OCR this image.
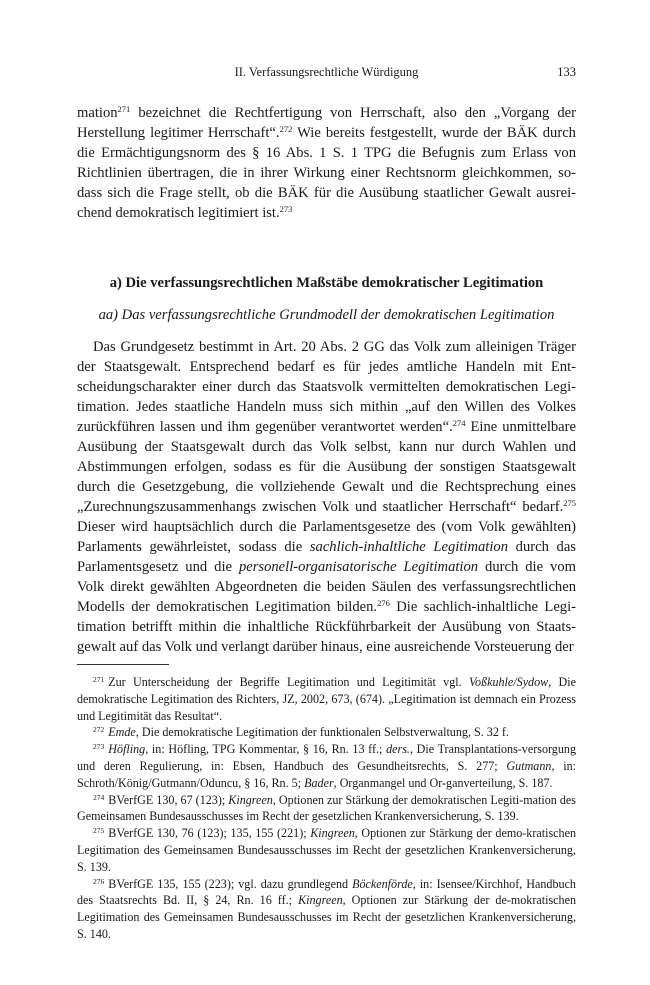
II. Verfassungsrechtliche Würdigung	133

mation$^{271}$ bezeichnet die Rechtfertigung von Herrschaft, also den „Vorgang der Herstellung legitimer Herrschaft“.$^{272}$ Wie bereits festgestellt, wurde der BÄK durch die Ermächtigungsnorm des § 16 Abs. 1 S. 1 TPG die Befugnis zum Erlass von Richtlinien übertragen, die in ihrer Wirkung einer Rechtsnorm gleichkommen, so-dass sich die Frage stellt, ob die BÄK für die Ausübung staatlicher Gewalt ausrei-chend demokratisch legitimiert ist.$^{273}$

a) Die verfassungsrechtlichen Maßstäbe demokratischer Legitimation
aa) Das verfassungsrechtliche Grundmodell der demokratischen Legitimation

Das Grundgesetz bestimmt in Art. 20 Abs. 2 GG das Volk zum alleinigen Träger der Staatsgewalt. Entsprechend bedarf es für jedes amtliche Handeln mit Ent-scheidungscharakter einer durch das Staatsvolk vermittelten demokratischen Legi-timation. Jedes staatliche Handeln muss sich mithin „auf den Willen des Volkes zurückführen lassen und ihm gegenüber verantwortet werden“.$^{274}$ Eine unmittelbare Ausübung der Staatsgewalt durch das Volk selbst, kann nur durch Wahlen und Abstimmungen erfolgen, sodass es für die Ausübung der sonstigen Staatsgewalt durch die Gesetzgebung, die vollziehende Gewalt und die Rechtsprechung eines „Zurechnungszusammenhangs zwischen Volk und staatlicher Herrschaft“ bedarf.$^{275}$ Dieser wird hauptsächlich durch die Parlamentsgesetze des (vom Volk gewählten) Parlaments gewährleistet, sodass die sachlich-inhaltliche Legitimation durch das Parlamentsgesetz und die personell-organisatorische Legitimation durch die vom Volk direkt gewählten Abgeordneten die beiden Säulen des verfassungsrechtlichen Modells der demokratischen Legitimation bilden.$^{276}$ Die sachlich-inhaltliche Legi-timation betrifft mithin die inhaltliche Rückführbarkeit der Ausübung von Staats-gewalt auf das Volk und verlangt darüber hinaus, eine ausreichende Vorsteuerung der

$^{271}$ Zur Unterscheidung der Begriffe Legitimation und Legitimität vgl. Voßkuhle/Sydow, Die demokratische Legitimation des Richters, JZ, 2002, 673, (674). „Legitimation ist demnach ein Prozess und Legitimität das Resultat“.

$^{272}$ Emde, Die demokratische Legitimation der funktionalen Selbstverwaltung, S. 32 f.

$^{273}$ Höfling, in: Höfling, TPG Kommentar, § 16, Rn. 13 ff.; ders., Die Transplantations-versorgung und deren Regulierung, in: Ebsen, Handbuch des Gesundheitsrechts, S. 277; Gutmann, in: Schroth/König/Gutmann/Oduncu, § 16, Rn. 5; Bader, Organmangel und Or-ganverteilung, S. 187.

$^{274}$ BVerfGE 130, 67 (123); Kingreen, Optionen zur Stärkung der demokratischen Legiti-mation des Gemeinsamen Bundesausschusses im Recht der gesetzlichen Krankenversicherung, S. 139.

$^{275}$ BVerfGE 130, 76 (123); 135, 155 (221); Kingreen, Optionen zur Stärkung der demo-kratischen Legitimation des Gemeinsamen Bundesausschusses im Recht der gesetzlichen Krankenversicherung, S. 139.

$^{276}$ BVerfGE 135, 155 (223); vgl. dazu grundlegend Böckenförde, in: Isensee/Kirchhof, Handbuch des Staatsrechts Bd. II, § 24, Rn. 16 ff.; Kingreen, Optionen zur Stärkung der de-mokratischen Legitimation des Gemeinsamen Bundesausschusses im Recht der gesetzlichen Krankenversicherung, S. 140.
